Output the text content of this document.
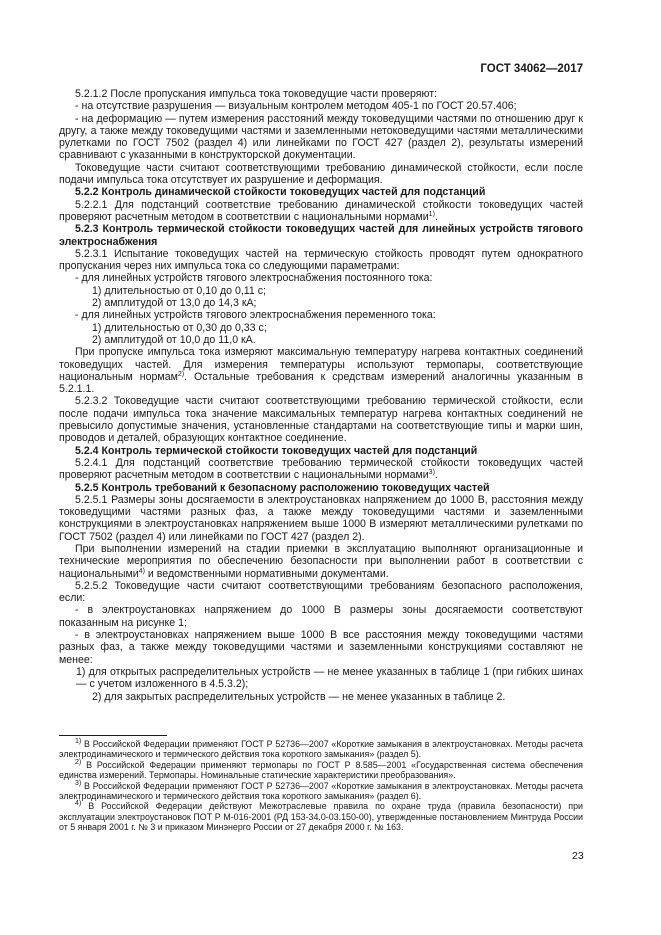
ГОСТ 34062—2017

5.2.1.2 После пропускания импульса тока токоведущие части проверяют:

- на отсутствие разрушения — визуальным контролем методом 405-1 по ГОСТ 20.57.406;

- на деформацию — путем измерения расстояний между токоведущими частями по отношению друг к другу, а также между токоведущими частями и заземленными нетоковедущими частями металлическими рулетками по ГОСТ 7502 (раздел 4) или линейками по ГОСТ 427 (раздел 2), результаты измерений сравнивают с указанными в конструкторской документации.

Токоведущие части считают соответствующими требованию динамической стойкости, если после подачи импульса тока отсутствует их разрушение и деформация.

5.2.2 Контроль динамической стойкости токоведущих частей для подстанций

5.2.2.1 Для подстанций соответствие требованию динамической стойкости токоведущих частей проверяют расчетным методом в соответствии с национальными нормами$^{1)}$.

5.2.3 Контроль термической стойкости токоведущих частей для линейных устройств тягового электроснабжения

5.2.3.1 Испытание токоведущих частей на термическую стойкость проводят путем однократного пропускания через них импульса тока со следующими параметрами:

- для линейных устройств тягового электроснабжения постоянного тока:

1) длительностью от 0,10 до 0,11 с;

2) амплитудой от 13,0 до 14,3 кА;

- для линейных устройств тягового электроснабжения переменного тока:

1) длительностью от 0,30 до 0,33 с;

2) амплитудой от 10,0 до 11,0 кА.

При пропуске импульса тока измеряют максимальную температуру нагрева контактных соединений токоведущих частей. Для измерения температуры используют термопары, соответствующие национальным нормам$^{2)}$. Остальные требования к средствам измерений аналогичны указанным в 5.2.1.1.

5.2.3.2 Токоведущие части считают соответствующими требованию термической стойкости, если после подачи импульса тока значение максимальных температур нагрева контактных соединений не превысило допустимые значения, установленные стандартами на соответствующие типы и марки шин, проводов и деталей, образующих контактное соединение.

5.2.4 Контроль термической стойкости токоведущих частей для подстанций

5.2.4.1 Для подстанций соответствие требованию термической стойкости токоведущих частей проверяют расчетным методом в соответствии с национальными нормами$^{3)}$.

5.2.5 Контроль требований к безопасному расположению токоведущих частей

5.2.5.1 Размеры зоны досягаемости в электроустановках напряжением до 1000 В, расстояния между токоведущими частями разных фаз, а также между токоведущими частями и заземленными конструкциями в электроустановках напряжением выше 1000 В измеряют металлическими рулетками по ГОСТ 7502 (раздел 4) или линейками по ГОСТ 427 (раздел 2).

При выполнении измерений на стадии приемки в эксплуатацию выполняют организационные и технические мероприятия по обеспечению безопасности при выполнении работ в соответствии с национальными$^{4)}$ и ведомственными нормативными документами.

5.2.5.2 Токоведущие части считают соответствующими требованиям безопасного расположения, если:

- в электроустановках напряжением до 1000 В размеры зоны досягаемости соответствуют показанным на рисунке 1;

- в электроустановках напряжением выше 1000 В все расстояния между токоведущими частями разных фаз, а также между токоведущими частями и заземленными конструкциями составляют не менее:

1) для открытых распределительных устройств — не менее указанных в таблице 1 (при гибких шинах — с учетом изложенного в 4.5.3.2);

2) для закрытых распределительных устройств — не менее указанных в таблице 2.

$^{1)}$ В Российской Федерации применяют ГОСТ Р 52736—2007 «Короткие замыкания в электроустановках. Методы расчета электродинамического и термического действия тока короткого замыкания» (раздел 5).

$^{2)}$ В Российской Федерации применяют термопары по ГОСТ Р 8.585—2001 «Государственная система обеспечения единства измерений. Термопары. Номинальные статические характеристики преобразования».

$^{3)}$ В Российской Федерации применяют ГОСТ Р 52736—2007 «Короткие замыкания в электроустановках. Методы расчета электродинамического и термического действия тока короткого замыкания» (раздел 6).

$^{4)}$ В Российской Федерации действуют Межотраслевые правила по охране труда (правила безопасности) при эксплуатации электроустановок ПОТ Р М-016-2001 (РД 153-34.0-03.150-00), утвержденные постановлением Минтруда России от 5 января 2001 г. № 3 и приказом Минэнерго России от 27 декабря 2000 г. № 163.

23
